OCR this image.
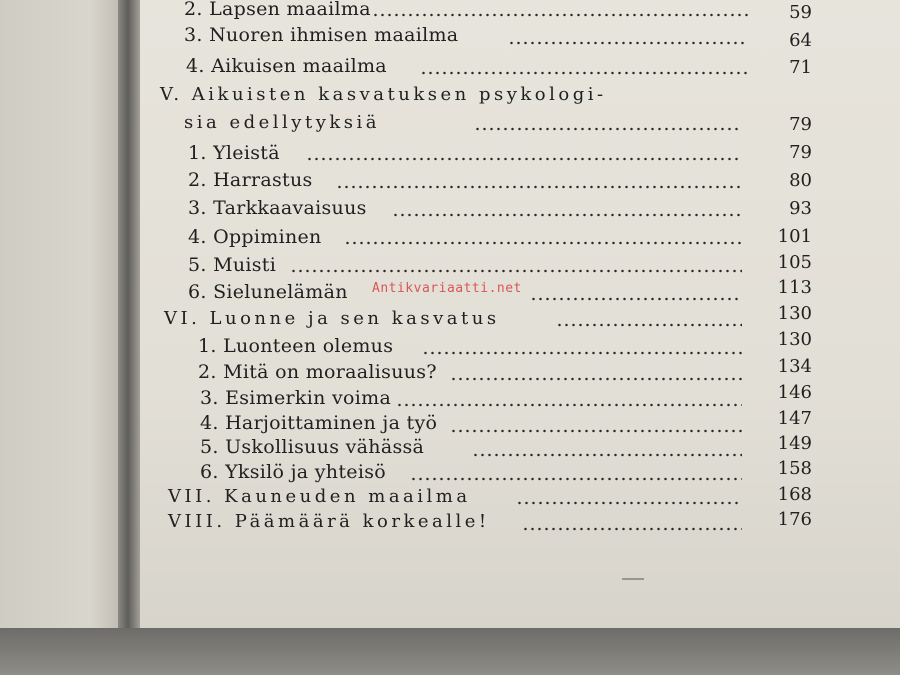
2. Lapsen maailma	59
3. Nuoren ihmisen maailma	64
4. Aikuisen maailma	71
V. Aikuisten kasvatuksen psykologi-
sia edellytyksiä	79
1. Yleistä	79
2. Harrastus	80
3. Tarkkaavaisuus	93
4. Oppiminen	101
5. Muisti	105
6. Sielunelämän	113
VI. Luonne ja sen kasvatus	130
1. Luonteen olemus	130
2. Mitä on moraalisuus?	134
3. Esimerkin voima	146
4. Harjoittaminen ja työ	147
5. Uskollisuus vähässä	149
6. Yksilö ja yhteisö	158
VII. Kauneuden maailma	168
VIII. Päämäärä korkealle!	176
Antikvariaatti.net
